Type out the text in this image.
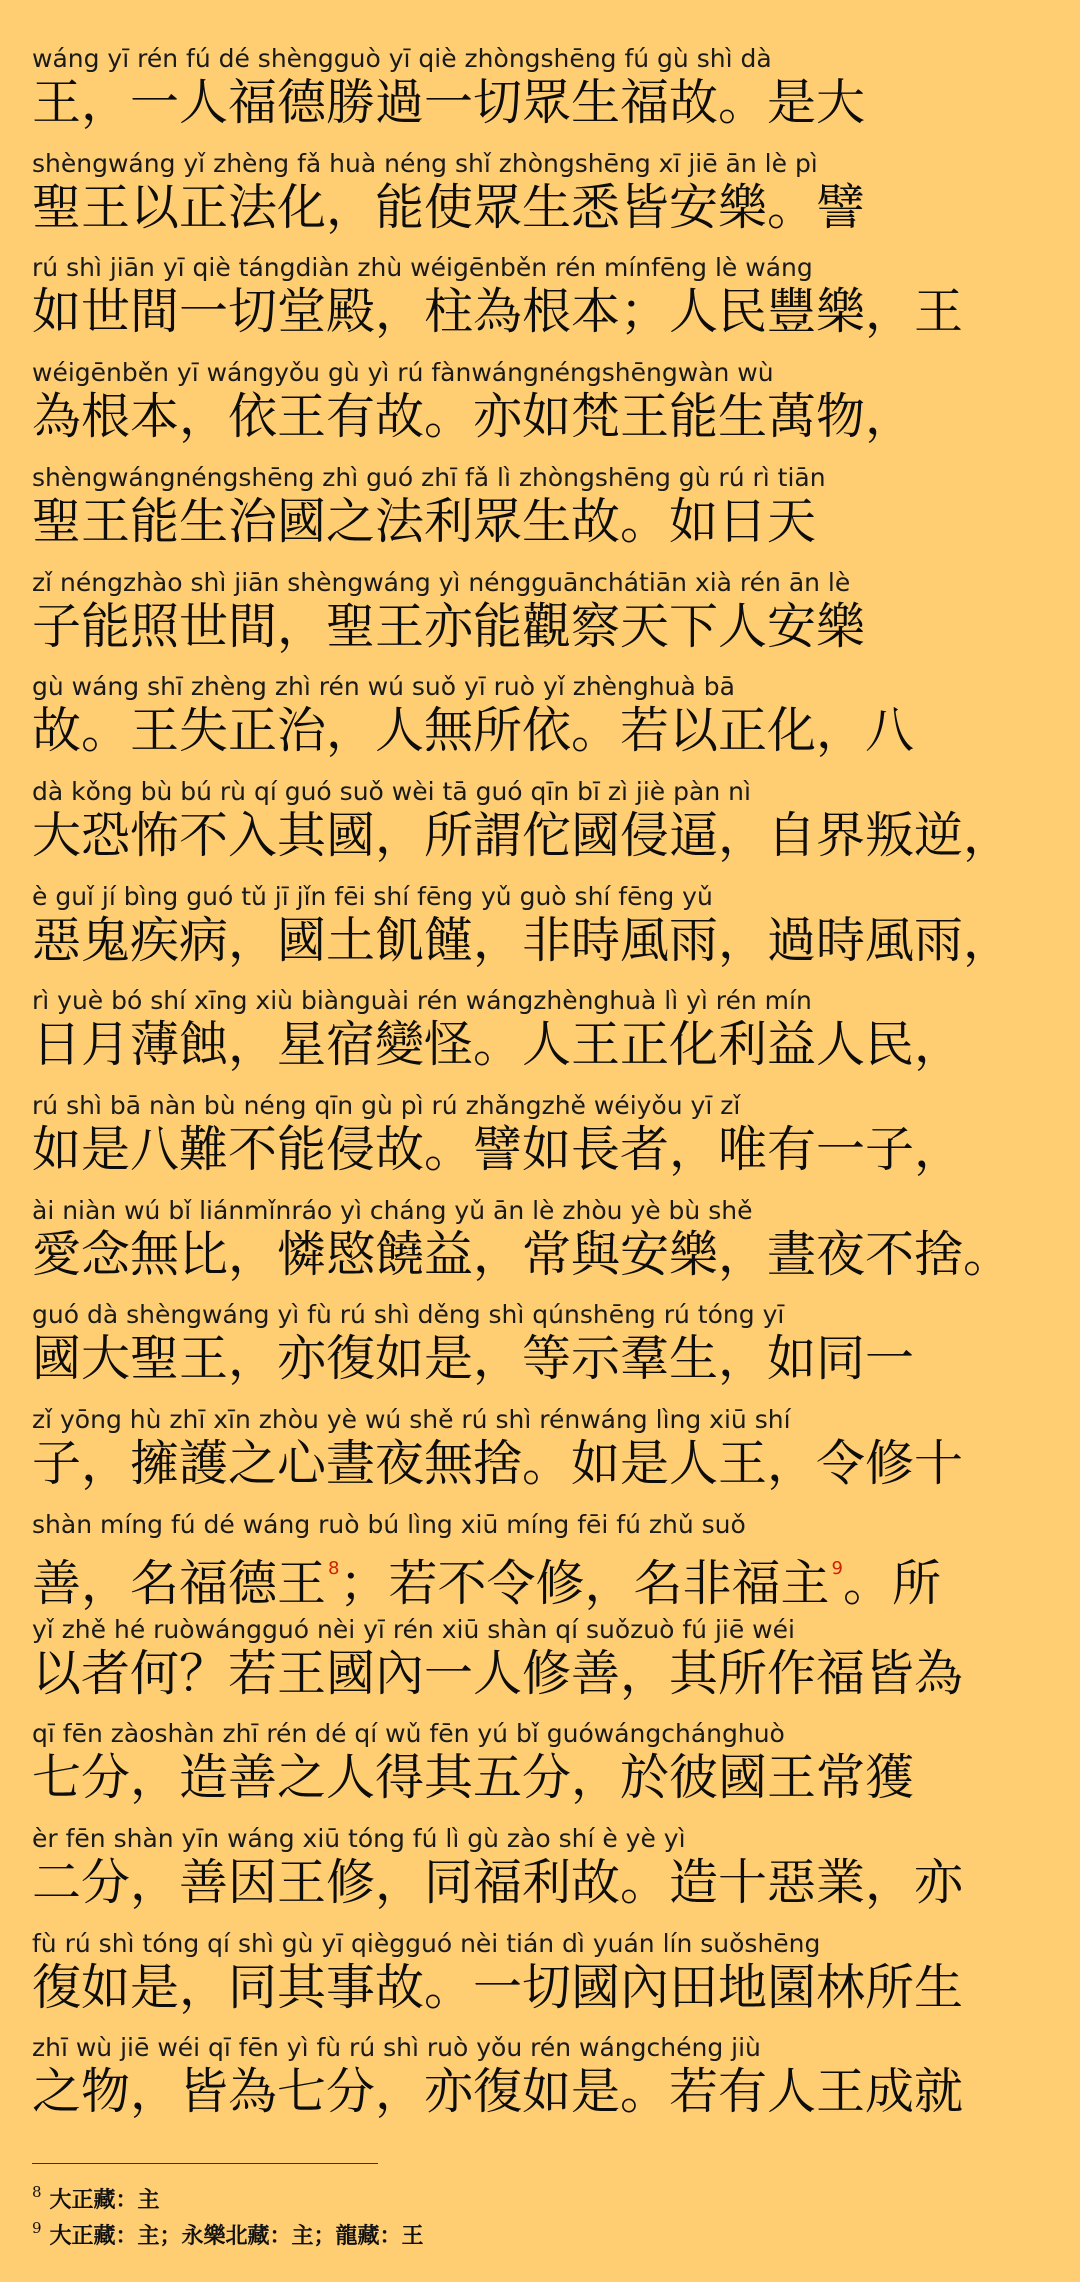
wáng yī rén fú dé shèngguò yī qiè zhòngshēng fú gù shì dà
王，一人福德勝過一切眾生福故。是大
shèngwáng yǐ zhèng fǎ huà néng shǐ zhòngshēng xī jiē ān lè pì
聖王以正法化，能使眾生悉皆安樂。譬
rú shì jiān yī qiè tángdiàn zhù wéigēnběn rén mínfēng lè wáng
如世間一切堂殿，柱為根本；人民豐樂，王
wéigēnběn yī wángyǒu gù yì rú fànwángnéngshēngwàn wù
為根本，依王有故。亦如梵王能生萬物，
shèngwángnéngshēng zhì guó zhī fǎ lì zhòngshēng gù rú rì tiān
聖王能生治國之法利眾生故。如日天
zǐ néngzhào shì jiān shèngwáng yì néngguānchátiān xià rén ān lè
子能照世間，聖王亦能觀察天下人安樂
gù wáng shī zhèng zhì rén wú suǒ yī ruò yǐ zhènghuà bā
故。王失正治，人無所依。若以正化，八
dà kǒng bù bú rù qí guó suǒ wèi tā guó qīn bī zì jiè pàn nì
大恐怖不入其國，所謂佗國侵逼，自界叛逆，
è guǐ jí bìng guó tǔ jī jǐn fēi shí fēng yǔ guò shí fēng yǔ
惡鬼疾病，國土飢饉，非時風雨，過時風雨，
rì yuè bó shí xīng xiù biànguài rén wángzhènghuà lì yì rén mín
日月薄蝕，星宿變怪。人王正化利益人民，
rú shì bā nàn bù néng qīn gù pì rú zhǎngzhě wéiyǒu yī zǐ
如是八難不能侵故。譬如長者，唯有一子，
ài niàn wú bǐ liánmǐnráo yì cháng yǔ ān lè zhòu yè bù shě
愛念無比，憐愍饒益，常與安樂，晝夜不捨。
guó dà shèngwáng yì fù rú shì děng shì qúnshēng rú tóng yī
國大聖王，亦復如是，等示羣生，如同一
zǐ yōng hù zhī xīn zhòu yè wú shě rú shì rénwáng lìng xiū shí
子，擁護之心晝夜無捨。如是人王，令修十
shàn míng fú dé wáng ruò bú lìng xiū míng fēi fú zhǔ suǒ
善，名福德王 $^8$；若不令修，名非福主 $^9$。所
yǐ zhě hé ruòwángguó nèi yī rén xiū shàn qí suǒzuò fú jiē wéi
以者何？若王國內一人修善，其所作福皆為
qī fēn zàoshàn zhī rén dé qí wǔ fēn yú bǐ guówángchánghuò
七分，造善之人得其五分，於彼國王常獲
èr fēn shàn yīn wáng xiū tóng fú lì gù zào shí è yè yì
二分，善因王修，同福利故。造十惡業，亦
fù rú shì tóng qí shì gù yī qiègguó nèi tián dì yuán lín suǒshēng
復如是，同其事故。一切國內田地園林所生
zhī wù jiē wéi qī fēn yì fù rú shì ruò yǒu rén wángchéng jiù
之物，皆為七分，亦復如是。若有人王成就
$^8$ 大正藏：主
$^9$ 大正藏：主；永樂北藏：主；龍藏：王
